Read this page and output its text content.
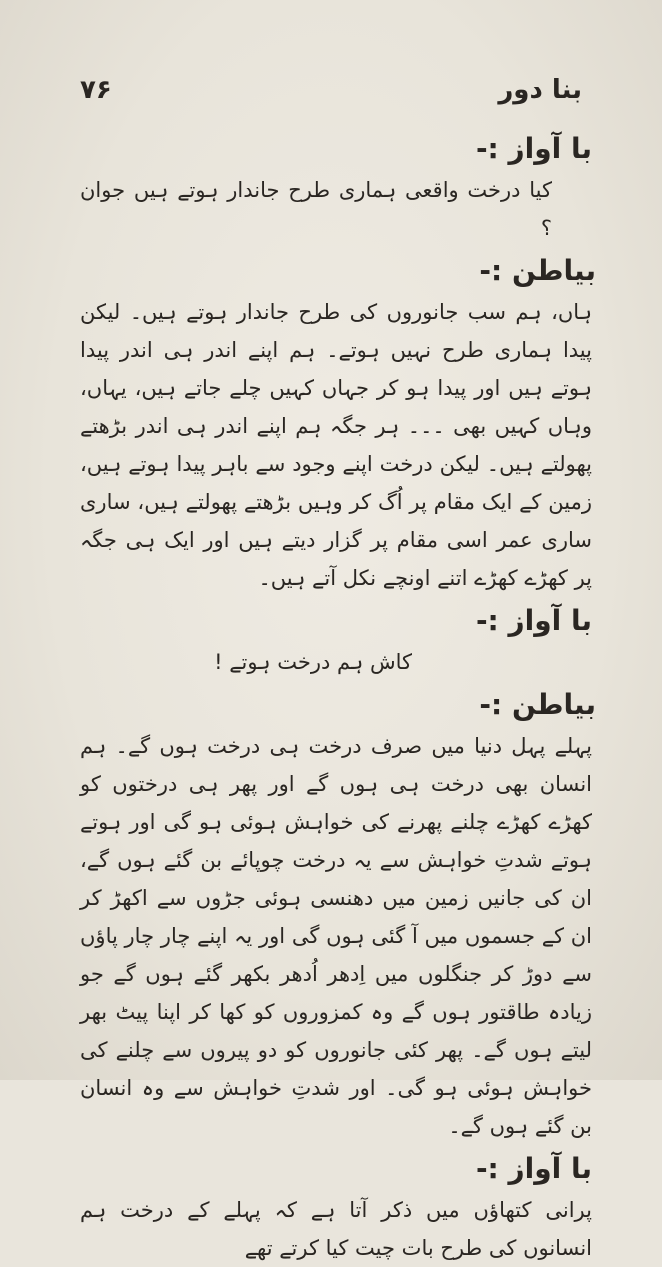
بنا دور
۷۶
با آواز :-
کیا درخت واقعی ہماری طرح جاندار ہوتے ہیں جوان ؟
بیاطن :-
ہاں، ہم سب جانوروں کی طرح جاندار ہوتے ہیں۔ لیکن پیدا ہماری طرح نہیں ہوتے۔ ہم اپنے اندر ہی اندر پیدا ہوتے ہیں اور پیدا ہو کر جہاں کہیں چلے جاتے ہیں، یہاں، وہاں کہیں بھی ۔۔۔ ہر جگہ ہم اپنے اندر ہی اندر بڑھتے پھولتے ہیں۔ لیکن درخت اپنے وجود سے باہر پیدا ہوتے ہیں، زمین کے ایک مقام پر اُگ کر وہیں بڑھتے پھولتے ہیں، ساری ساری عمر اسی مقام پر گزار دیتے ہیں اور ایک ہی جگہ پر کھڑے کھڑے اتنے اونچے نکل آتے ہیں۔
با آواز :-
کاش ہم درخت ہوتے !
بیاطن :-
پہلے پہل دنیا میں صرف درخت ہی درخت ہوں گے۔ ہم انسان بھی درخت ہی ہوں گے اور پھر ہی درختوں کو کھڑے کھڑے چلنے پھرنے کی خواہش ہوئی ہو گی اور ہوتے ہوتے شدتِ خواہش سے یہ درخت چوپائے بن گئے ہوں گے، ان کی جانیں زمین میں دھنسی ہوئی جڑوں سے اکھڑ کر ان کے جسموں میں آ گئی ہوں گی اور یہ اپنے چار چار پاؤں سے دوڑ کر جنگلوں میں اِدھر اُدھر بکھر گئے ہوں گے جو زیادہ طاقتور ہوں گے وہ کمزوروں کو کھا کر اپنا پیٹ بھر لیتے ہوں گے۔ پھر کئی جانوروں کو دو پیروں سے چلنے کی خواہش ہوئی ہو گی۔ اور شدتِ خواہش سے وہ انسان بن گئے ہوں گے۔
با آواز :-
پرانی کتھاؤں میں ذکر آتا ہے کہ پہلے کے درخت ہم انسانوں کی طرح بات چیت کیا کرتے تھے
